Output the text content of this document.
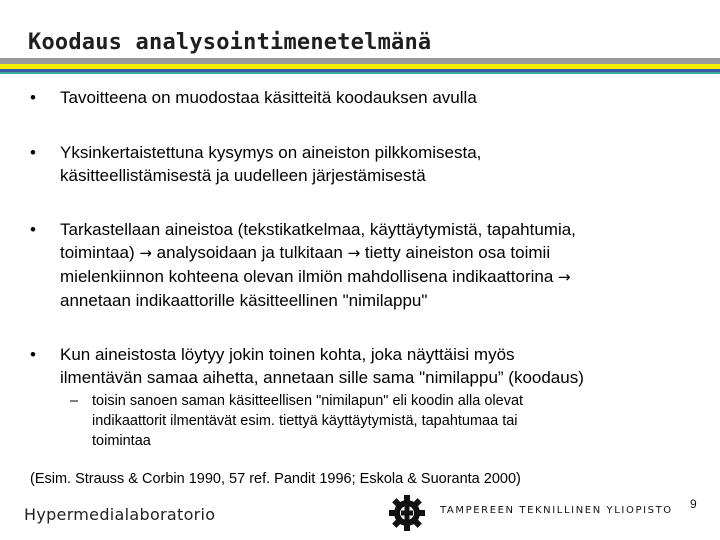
Koodaus analysointimenetelmänä
• Tavoitteena on muodostaa käsitteitä koodauksen avulla
• Yksinkertaistettuna kysymys on aineiston pilkkomisesta,
käsitteellistämisestä ja uudelleen järjestämisestä
• Tarkastellaan aineistoa (tekstikatkelmaa, käyttäytymistä, tapahtumia,
toimintaa) → analysoidaan ja tulkitaan → tietty aineiston osa toimii
mielenkiinnon kohteena olevan ilmiön mahdollisena indikaattorina →
annetaan indikaattorille käsitteellinen "nimilappu"
• Kun aineistosta löytyy jokin toinen kohta, joka näyttäisi myös
ilmentävän samaa aihetta, annetaan sille sama "nimilappu” (koodaus)
– toisin sanoen saman käsitteellisen "nimilapun" eli koodin alla olevat
indikaattorit ilmentävät esim. tiettyä käyttäytymistä, tapahtumaa tai
toimintaa
(Esim. Strauss & Corbin 1990, 57 ref. Pandit 1996; Eskola & Suoranta 2000)
Hypermedialaboratorio	TAMPEREEN TEKNILLINEN YLIOPISTO 9
